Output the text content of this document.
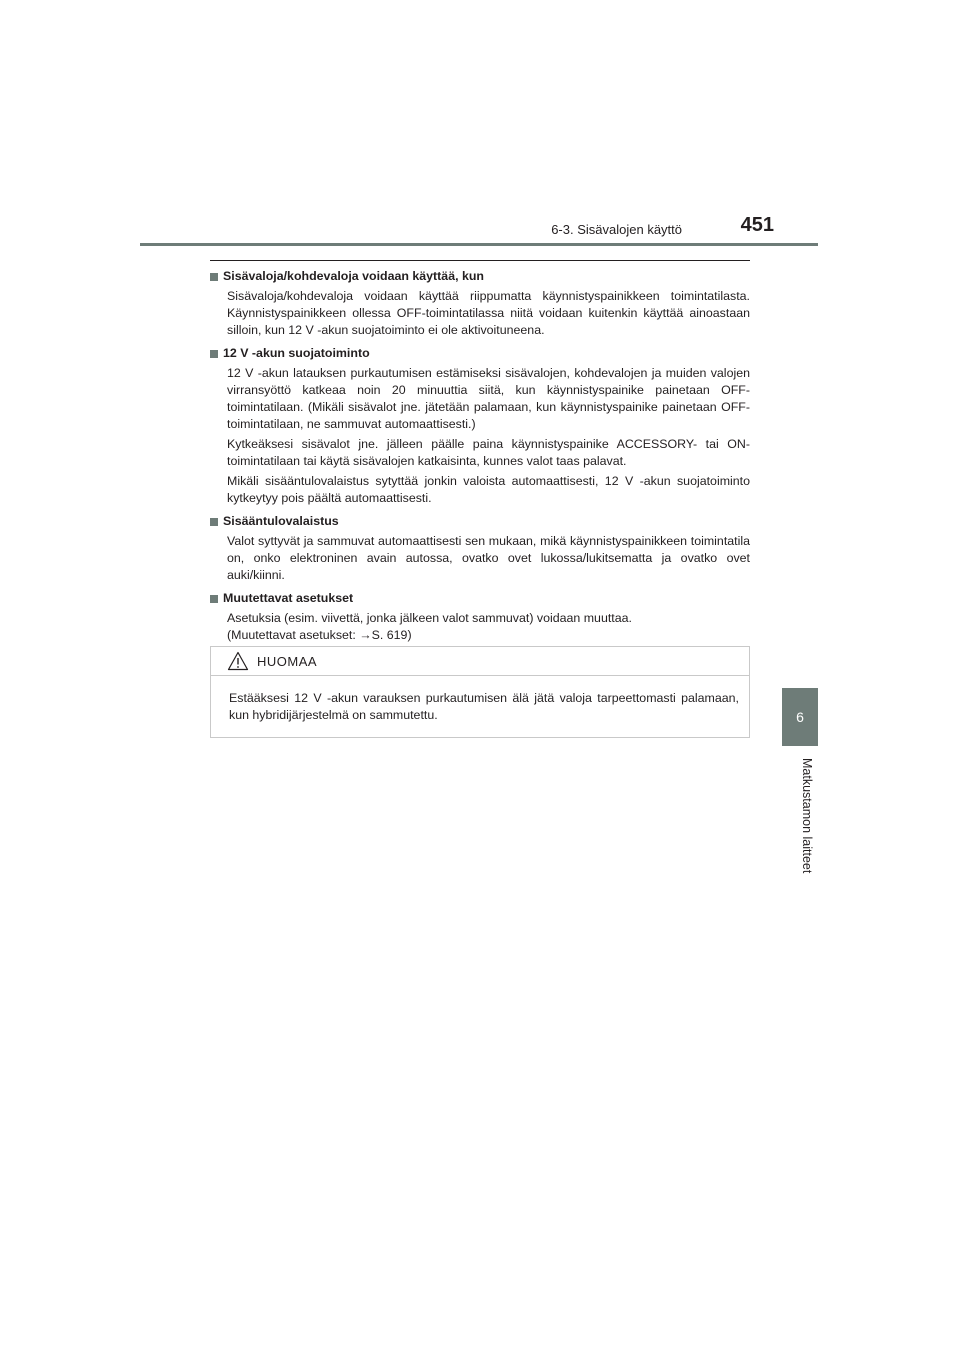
6-3. Sisävalojen käyttö	451
6
Matkustamon laitteet
Sisävaloja/kohdevaloja voidaan käyttää, kun

Sisävaloja/kohdevaloja voidaan käyttää riippumatta käynnistyspainikkeen toimintatilasta. Käynnistyspainikkeen ollessa OFF-toimintatilassa niitä voidaan kuitenkin käyttää ainoastaan silloin, kun 12 V -akun suojatoiminto ei ole aktivoituneena.

12 V -akun suojatoiminto

12 V -akun latauksen purkautumisen estämiseksi sisävalojen, kohdevalojen ja muiden valojen virransyöttö katkeaa noin 20 minuuttia siitä, kun käynnistyspainike painetaan OFF-toimintatilaan. (Mikäli sisävalot jne. jätetään palamaan, kun käynnistyspainike painetaan OFF-toimintatilaan, ne sammuvat automaattisesti.)

Kytkeäksesi sisävalot jne. jälleen päälle paina käynnistyspainike ACCESSORY- tai ON-toimintatilaan tai käytä sisävalojen katkaisinta, kunnes valot taas palavat.

Mikäli sisääntulovalaistus sytyttää jonkin valoista automaattisesti, 12 V -akun suojatoiminto kytkeytyy pois päältä automaattisesti.

Sisääntulovalaistus

Valot syttyvät ja sammuvat automaattisesti sen mukaan, mikä käynnistyspainikkeen toimintatila on, onko elektroninen avain autossa, ovatko ovet lukossa/lukitsematta ja ovatko ovet auki/kiinni.

Muutettavat asetukset

Asetuksia (esim. viivettä, jonka jälkeen valot sammuvat) voidaan muuttaa.

(Muutettavat asetukset: →S. 619)

HUOMAA

Estääksesi 12 V -akun varauksen purkautumisen älä jätä valoja tarpeettomasti palamaan, kun hybridijärjestelmä on sammutettu.
